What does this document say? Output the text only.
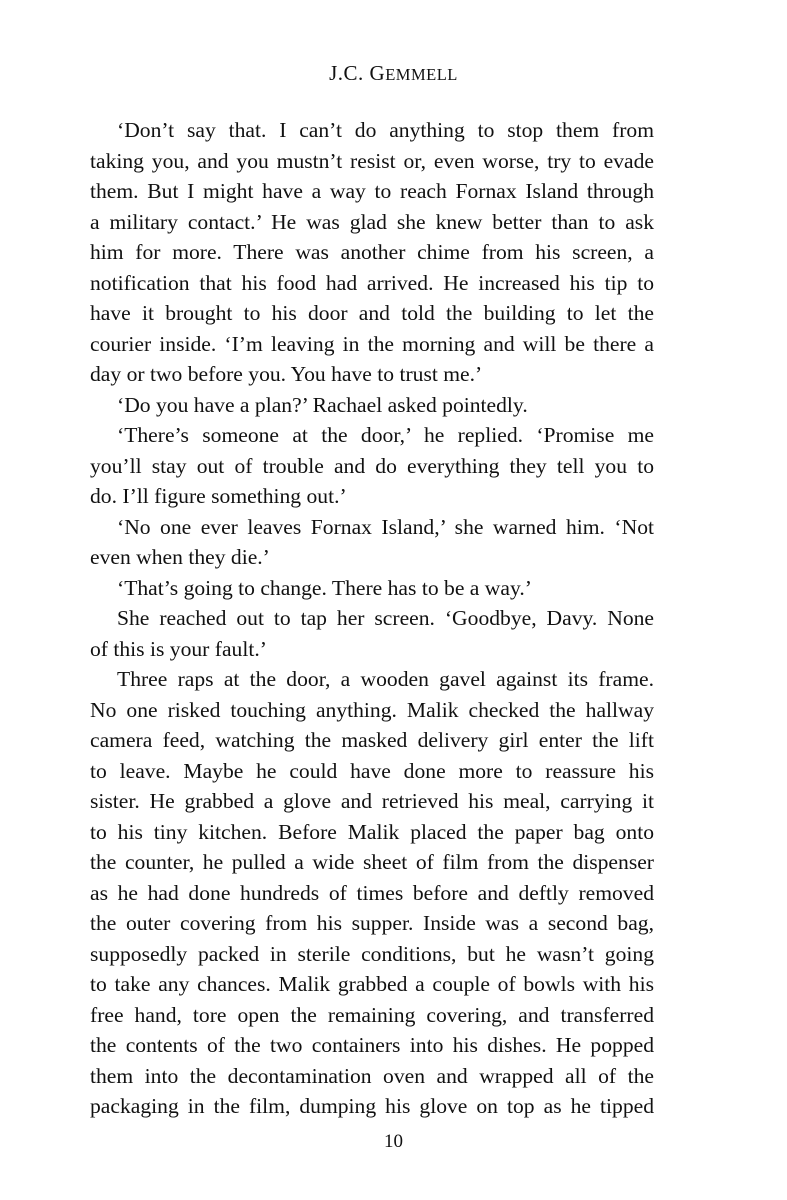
J.C. GEMMELL
‘Don’t say that. I can’t do anything to stop them from
taking you, and you mustn’t resist or, even worse, try to evade
them. But I might have a way to reach Fornax Island through
a military contact.’ He was glad she knew better than to ask
him for more. There was another chime from his screen, a
notification that his food had arrived. He increased his tip to
have it brought to his door and told the building to let the
courier inside. ‘I’m leaving in the morning and will be there a
day or two before you. You have to trust me.’
‘Do you have a plan?’ Rachael asked pointedly.
‘There’s someone at the door,’ he replied. ‘Promise me
you’ll stay out of trouble and do everything they tell you to
do. I’ll figure something out.’
‘No one ever leaves Fornax Island,’ she warned him. ‘Not
even when they die.’
‘That’s going to change. There has to be a way.’
She reached out to tap her screen. ‘Goodbye, Davy. None
of this is your fault.’
Three raps at the door, a wooden gavel against its frame.
No one risked touching anything. Malik checked the hallway
camera feed, watching the masked delivery girl enter the lift
to leave. Maybe he could have done more to reassure his
sister. He grabbed a glove and retrieved his meal, carrying it
to his tiny kitchen. Before Malik placed the paper bag onto
the counter, he pulled a wide sheet of film from the dispenser
as he had done hundreds of times before and deftly removed
the outer covering from his supper. Inside was a second bag,
supposedly packed in sterile conditions, but he wasn’t going
to take any chances. Malik grabbed a couple of bowls with his
free hand, tore open the remaining covering, and transferred
the contents of the two containers into his dishes. He popped
them into the decontamination oven and wrapped all of the
packaging in the film, dumping his glove on top as he tipped
10
